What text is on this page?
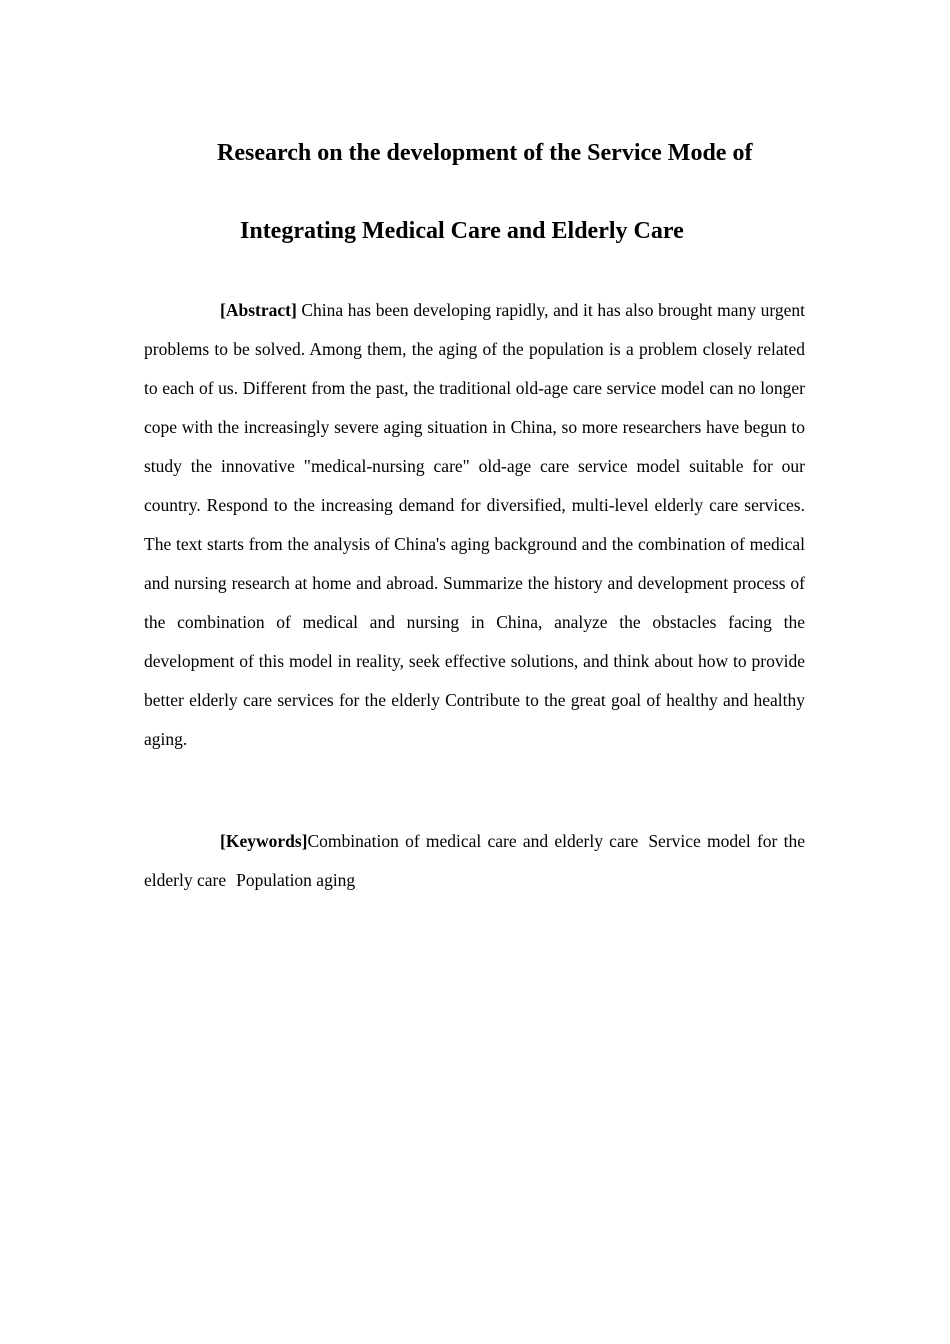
Research on the development of the Service Mode of
Integrating Medical Care and Elderly Care

[Abstract] China has been developing rapidly, and it has also brought many urgent problems to be solved. Among them, the aging of the population is a problem closely related to each of us. Different from the past, the traditional old-age care service model can no longer cope with the increasingly severe aging situation in China, so more researchers have begun to study the innovative "medical-nursing care" old-age care service model suitable for our country. Respond to the increasing demand for diversified, multi-level elderly care services. The text starts from the analysis of China's aging background and the combination of medical and nursing research at home and abroad. Summarize the history and development process of the combination of medical and nursing in China, analyze the obstacles facing the development of this model in reality, seek effective solutions, and think about how to provide better elderly care services for the elderly Contribute to the great goal of healthy and healthy aging.

[Keywords]Combination of medical care and elderly care Service model for the elderly care Population aging
